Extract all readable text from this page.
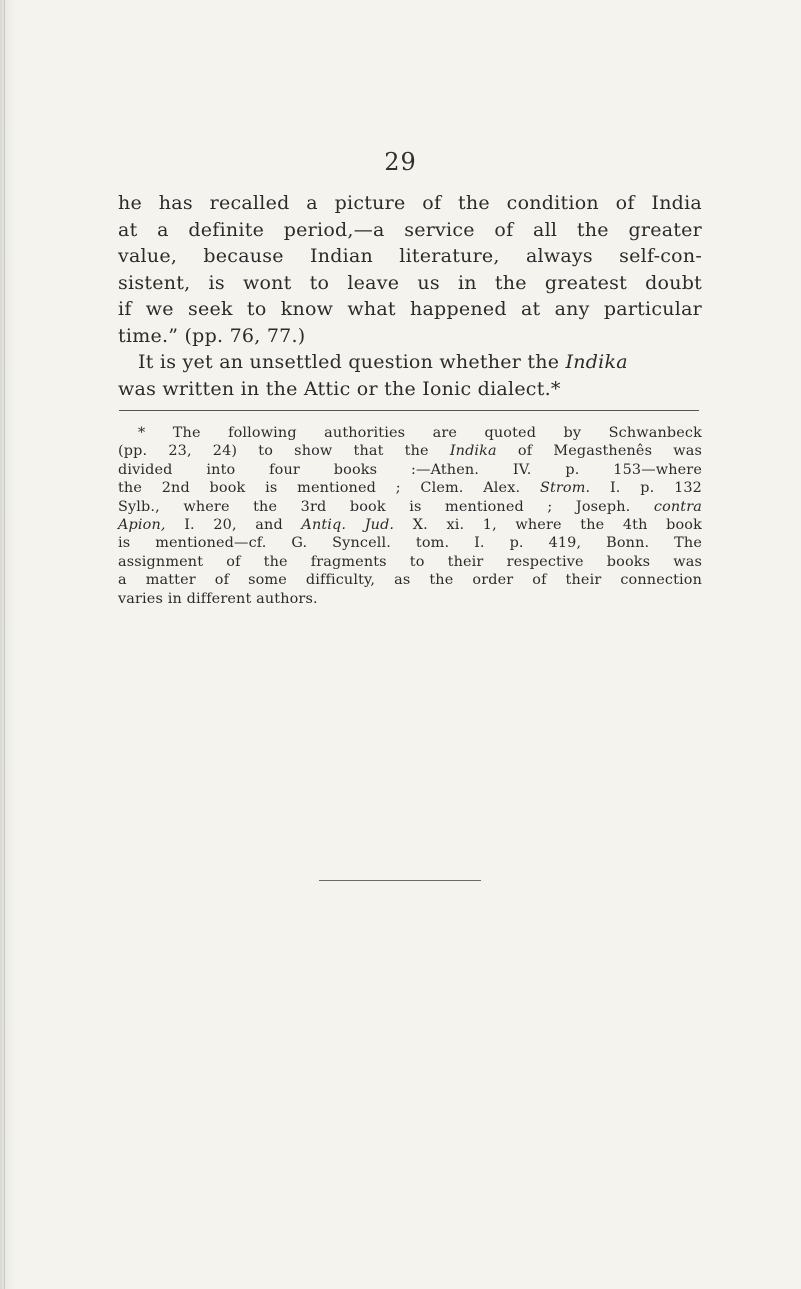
29
he has recalled a picture of the condition of India
at a definite period,—a service of all the greater
value, because Indian literature, always self-con-
sistent, is wont to leave us in the greatest doubt
if we seek to know what happened at any particular
time.” (pp. 76, 77.)
It is yet an unsettled question whether the Indika
was written in the Attic or the Ionic dialect.*
* The following authorities are quoted by Schwanbeck
(pp. 23, 24) to show that the Indika of Megasthenês was
divided into four books :—Athen. IV. p. 153—where
the 2nd book is mentioned ; Clem. Alex. Strom. I. p. 132
Sylb., where the 3rd book is mentioned ; Joseph. contra
Apion, I. 20, and Antiq. Jud. X. xi. 1, where the 4th book
is mentioned—cf. G. Syncell. tom. I. p. 419, Bonn. The
assignment of the fragments to their respective books was
a matter of some difficulty, as the order of their connection
varies in different authors.
